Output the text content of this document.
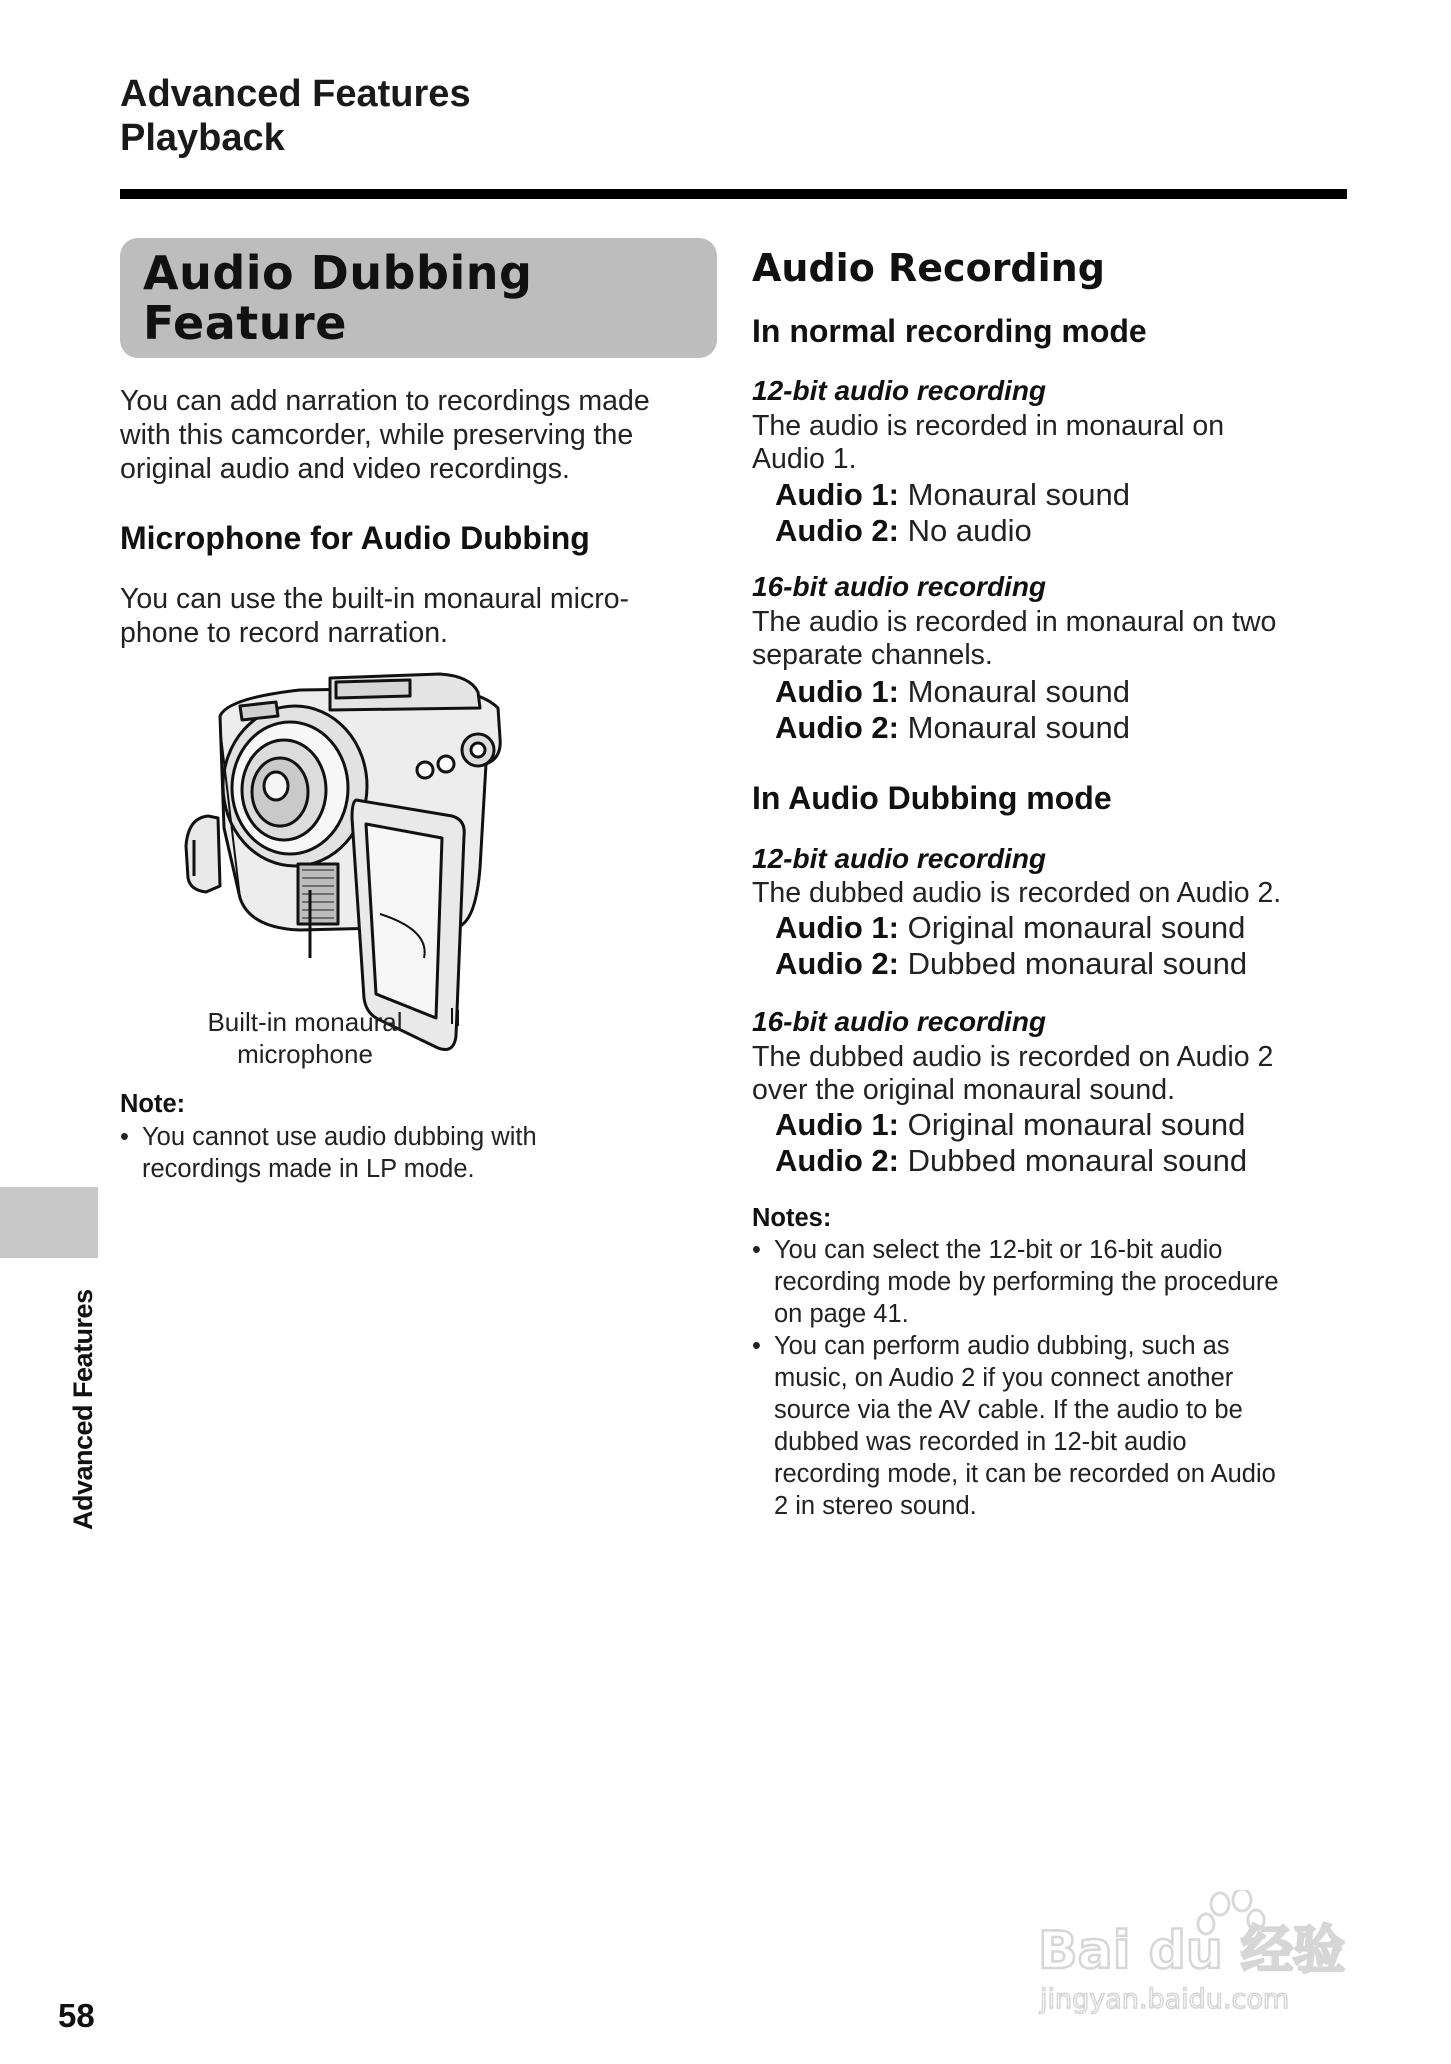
Advanced Features
Playback
Audio Dubbing
Feature
You can add narration to recordings made
with this camcorder, while preserving the
original audio and video recordings.
Microphone for Audio Dubbing
You can use the built-in monaural micro-
phone to record narration.
Built-in monaural
microphone
Note:
• You cannot use audio dubbing with
recordings made in LP mode.
Audio Recording
In normal recording mode
12-bit audio recording
The audio is recorded in monaural on
Audio 1.
Audio 1: Monaural sound
Audio 2: No audio
16-bit audio recording
The audio is recorded in monaural on two
separate channels.
Audio 1: Monaural sound
Audio 2: Monaural sound
In Audio Dubbing mode
12-bit audio recording
The dubbed audio is recorded on Audio 2.
Audio 1: Original monaural sound
Audio 2: Dubbed monaural sound
16-bit audio recording
The dubbed audio is recorded on Audio 2
over the original monaural sound.
Audio 1: Original monaural sound
Audio 2: Dubbed monaural sound
Notes:
• You can select the 12-bit or 16-bit audio
recording mode by performing the procedure
on page 41.
• You can perform audio dubbing, such as
music, on Audio 2 if you connect another
source via the AV cable. If the audio to be
dubbed was recorded in 12-bit audio
recording mode, it can be recorded on Audio
2 in stereo sound.
Advanced Features
58
Bai du 经验
jingyan.baidu.com
